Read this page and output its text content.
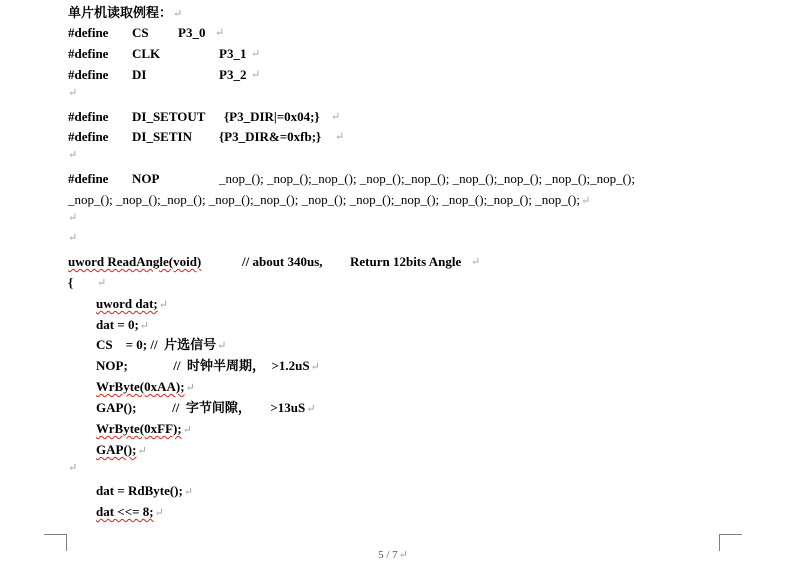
单片机读取例程：↵
#define CS P3_0 ↵
#define CLK	P3_1 ↵
#define DI	P3_2 ↵
↵
#define DI_SETOUT {P3_DIR|=0x04;} ↵
#define DI_SETIN {P3_DIR&=0xfb;} ↵
↵
#define NOP	_nop_(); _nop_();_nop_(); _nop_();_nop_(); _nop_();_nop_(); _nop_();_nop_();
_nop_(); _nop_();_nop_(); _nop_();_nop_(); _nop_(); _nop_();_nop_(); _nop_();_nop_(); _nop_();↵
↵
↵
uword ReadAngle(void)	// about 340us, Return 12bits Angle ↵
{ ↵
uword dat;↵
dat = 0;↵
CS    = 0; //  片选信号↵
NOP;              //  时钟半周期，  >1.2uS↵
WrByte(0xAA);↵
GAP();           //  字节间隙，      >13uS↵
WrByte(0xFF);↵
GAP();↵
↵
dat = RdByte();↵
dat <<= 8;↵
5 / 7↵
